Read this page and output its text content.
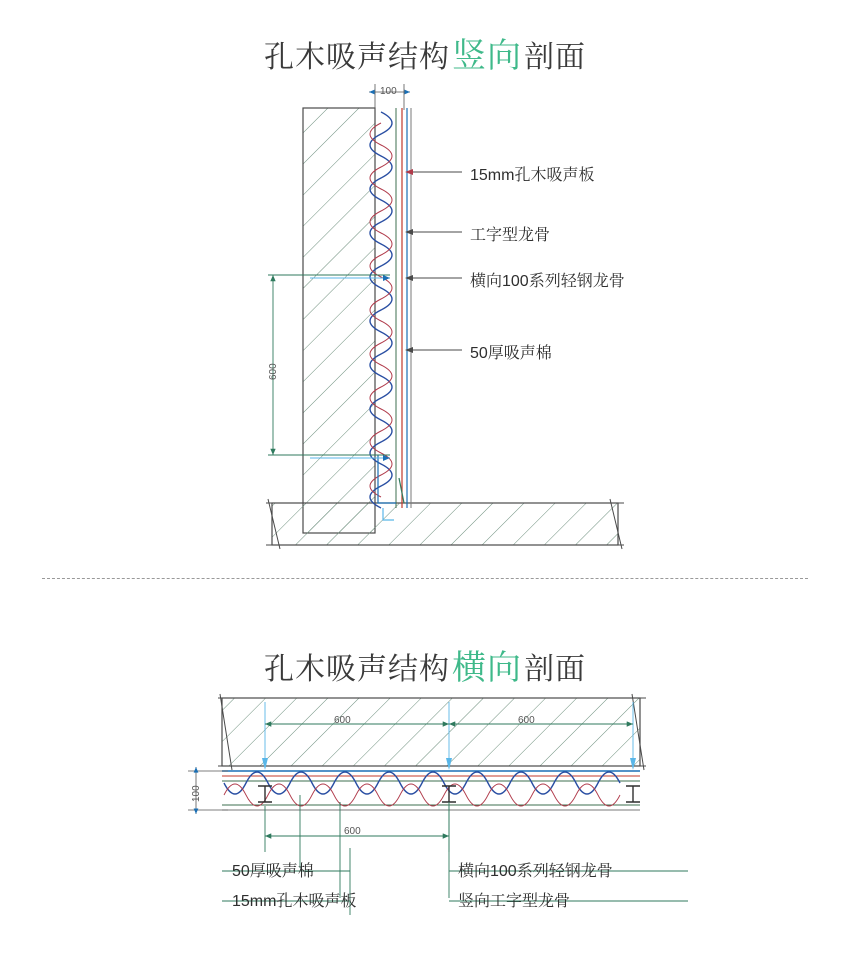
孔木吸声结构竖向剖面
100
600
15mm孔木吸声板
工字型龙骨
横向100系列轻钢龙骨
50厚吸声棉
孔木吸声结构横向剖面
600	600
100
600
50厚吸声棉
15mm孔木吸声板
横向100系列轻钢龙骨
竖向工字型龙骨
